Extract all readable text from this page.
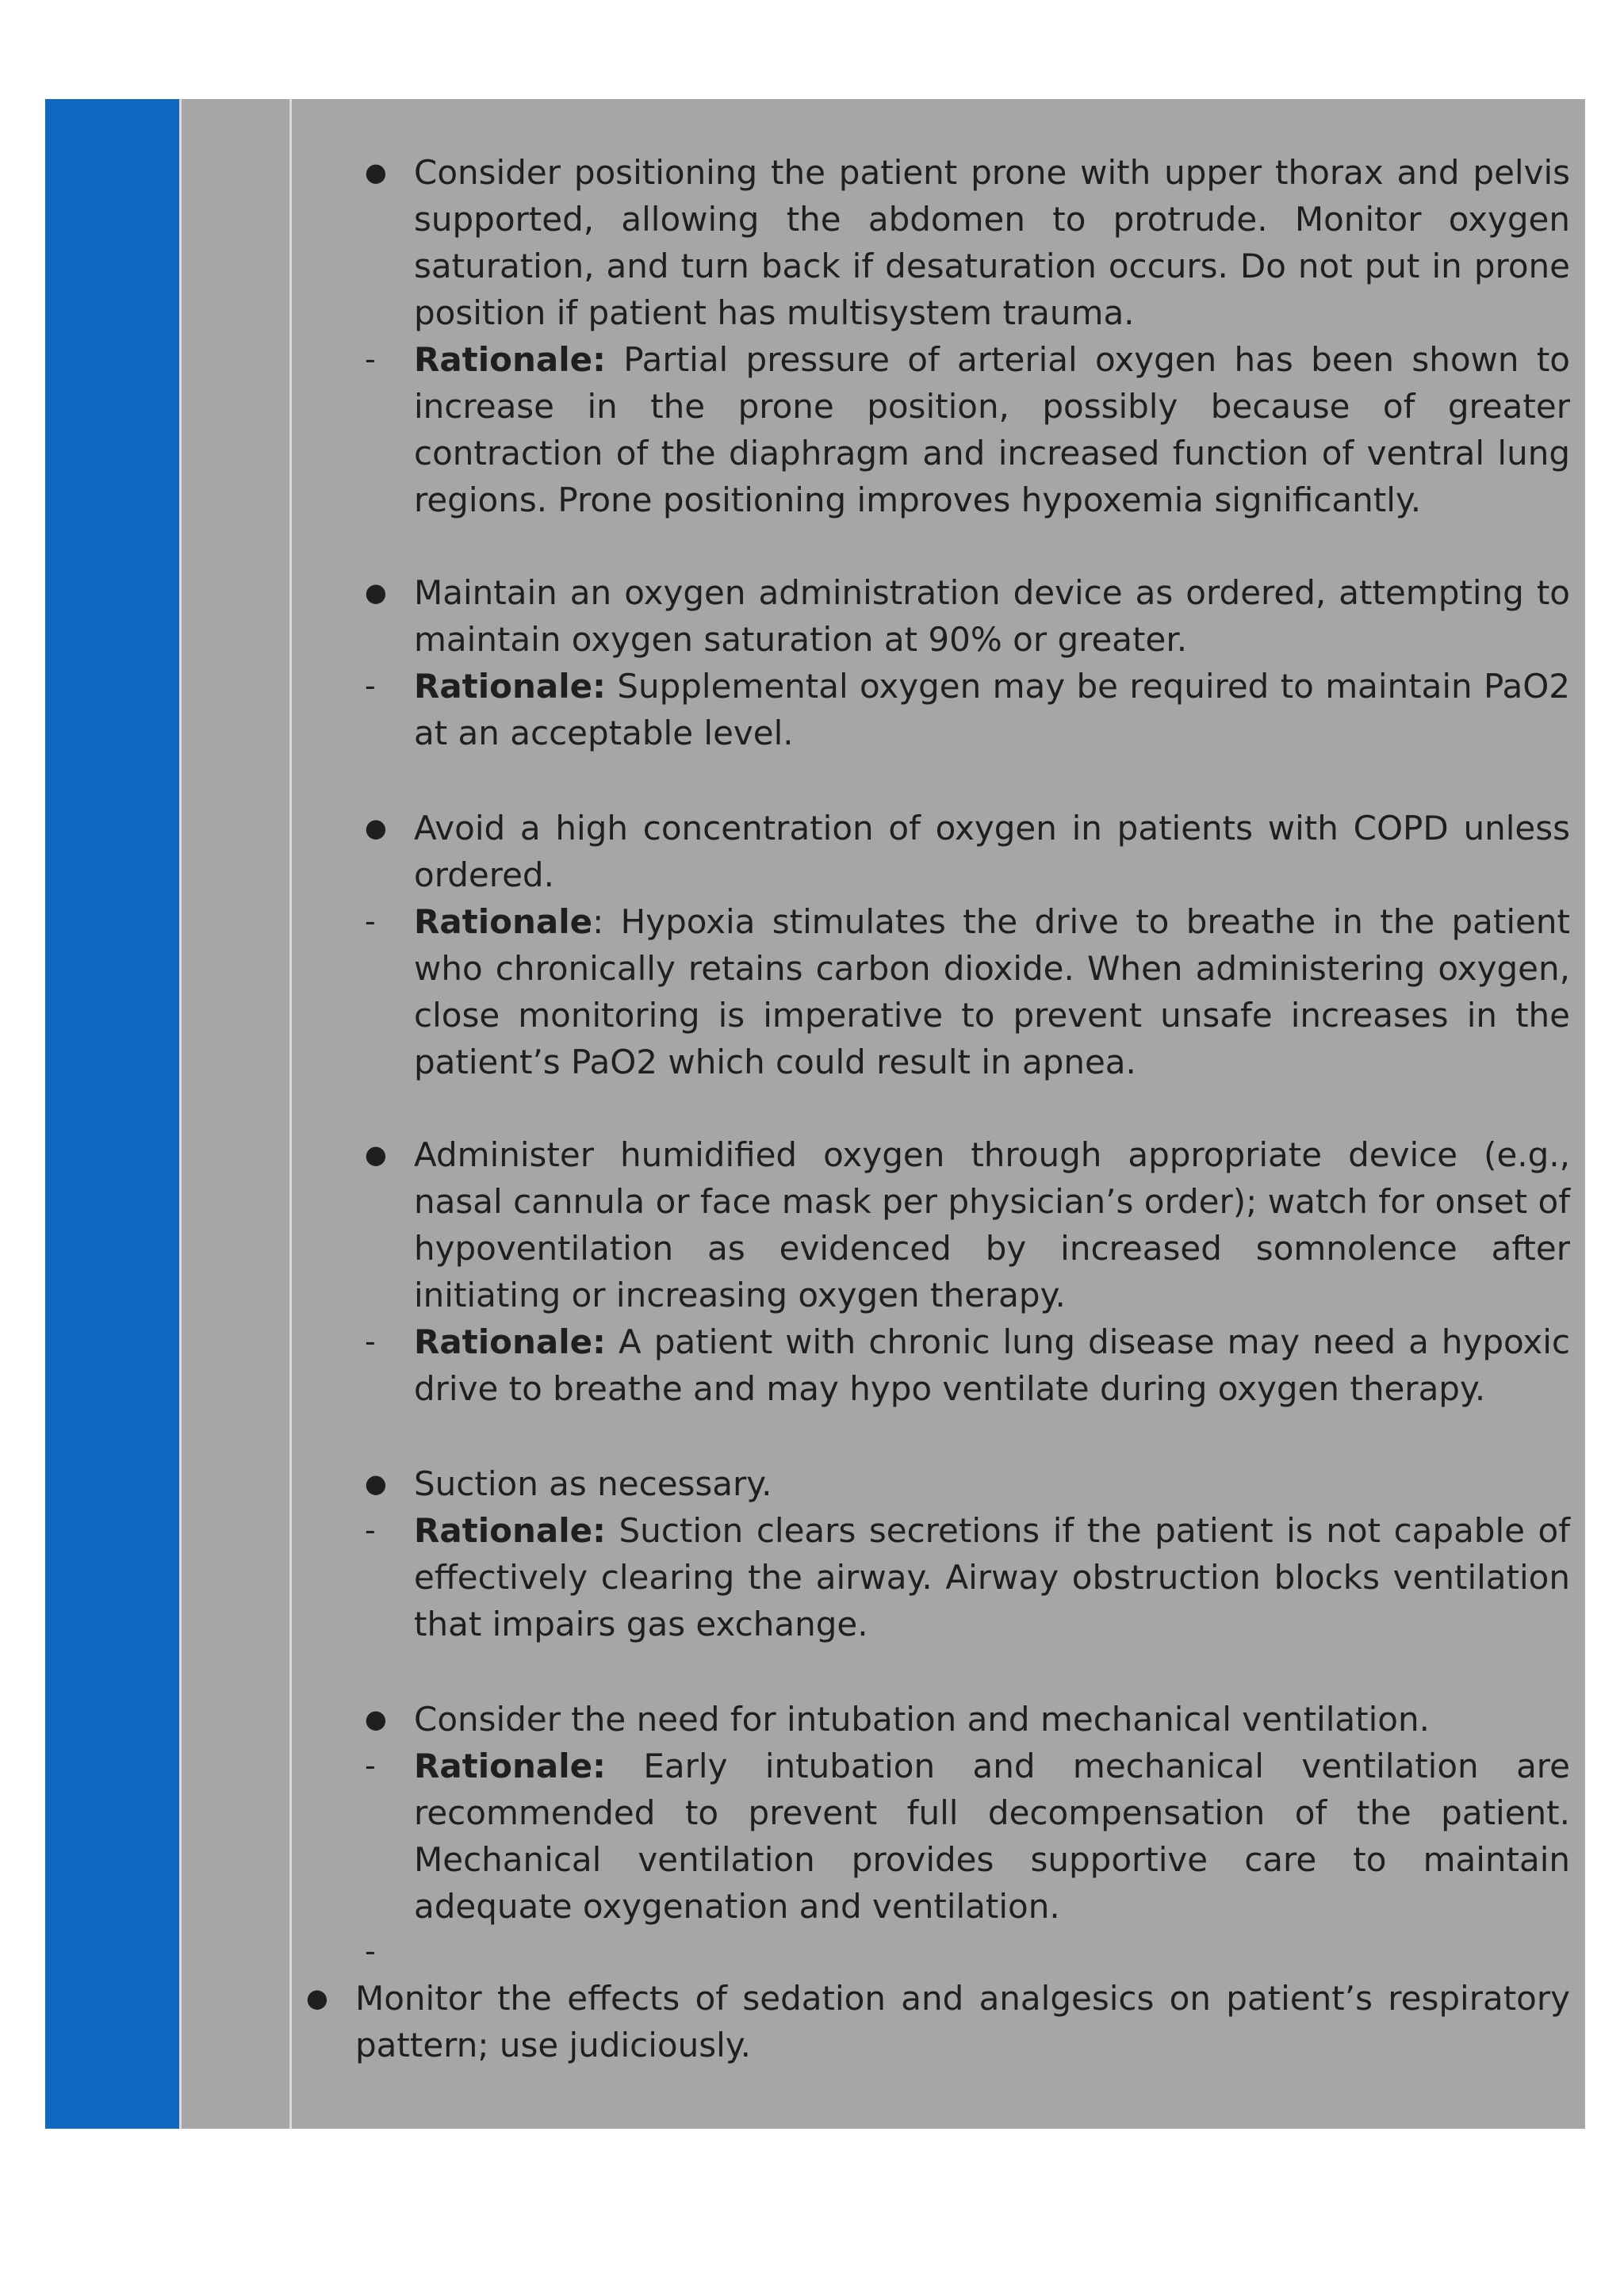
● Consider positioning the patient prone with upper thorax and pelvis supported, allowing the abdomen to protrude. Monitor oxygen saturation, and turn back if desaturation occurs. Do not put in prone position if patient has multisystem trauma.
- Rationale: Partial pressure of arterial oxygen has been shown to increase in the prone position, possibly because of greater contraction of the diaphragm and increased function of ventral lung regions. Prone positioning improves hypoxemia significantly.
● Maintain an oxygen administration device as ordered, attempting to maintain oxygen saturation at 90% or greater.
- Rationale: Supplemental oxygen may be required to maintain PaO2 at an acceptable level.
● Avoid a high concentration of oxygen in patients with COPD unless ordered.
- Rationale: Hypoxia stimulates the drive to breathe in the patient who chronically retains carbon dioxide. When administering oxygen, close monitoring is imperative to prevent unsafe increases in the patient’s PaO2 which could result in apnea.
● Administer humidified oxygen through appropriate device (e.g., nasal cannula or face mask per physician’s order); watch for onset of hypoventilation as evidenced by increased somnolence after initiating or increasing oxygen therapy.
- Rationale: A patient with chronic lung disease may need a hypoxic drive to breathe and may hypo ventilate during oxygen therapy.
● Suction as necessary.
- Rationale: Suction clears secretions if the patient is not capable of effectively clearing the airway. Airway obstruction blocks ventilation that impairs gas exchange.
● Consider the need for intubation and mechanical ventilation.
- Rationale: Early intubation and mechanical ventilation are recommended to prevent full decompensation of the patient. Mechanical ventilation provides supportive care to maintain adequate oxygenation and ventilation.
-
● Monitor the effects of sedation and analgesics on patient’s respiratory pattern; use judiciously.
